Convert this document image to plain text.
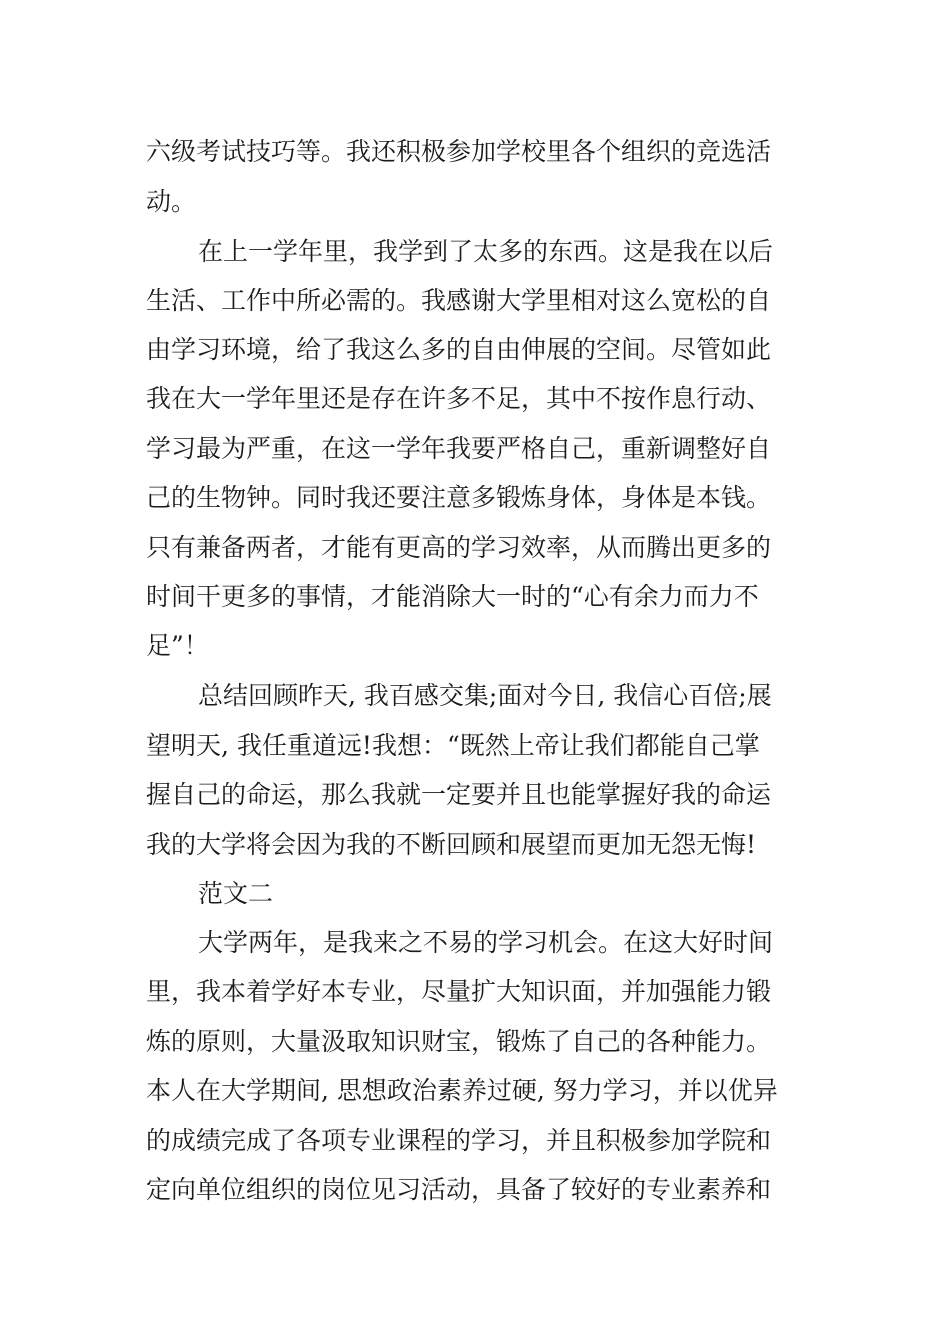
六级考试技巧等。我还积极参加学校里各个组织的竞选活
动。
在上一学年里，我学到了太多的东西。这是我在以后
生活、工作中所必需的。我感谢大学里相对这么宽松的自
由学习环境，给了我这么多的自由伸展的空间。尽管如此
我在大一学年里还是存在许多不足，其中不按作息行动、
学习最为严重，在这一学年我要严格自己，重新调整好自
己的生物钟。同时我还要注意多锻炼身体，身体是本钱。
只有兼备两者，才能有更高的学习效率，从而腾出更多的
时间干更多的事情，才能消除大一时的“心有余力而力不
足”！
总结回顾昨天, 我百感交集;面对今日, 我信心百倍;展
望明天, 我任重道远!我想：“既然上帝让我们都能自己掌
握自己的命运，那么我就一定要并且也能掌握好我的命运
我的大学将会因为我的不断回顾和展望而更加无怨无悔!
范文二
大学两年，是我来之不易的学习机会。在这大好时间
里，我本着学好本专业，尽量扩大知识面，并加强能力锻
炼的原则，大量汲取知识财宝，锻炼了自己的各种能力。
本人在大学期间, 思想政治素养过硬, 努力学习，并以优异
的成绩完成了各项专业课程的学习，并且积极参加学院和
定向单位组织的岗位见习活动，具备了较好的专业素养和
